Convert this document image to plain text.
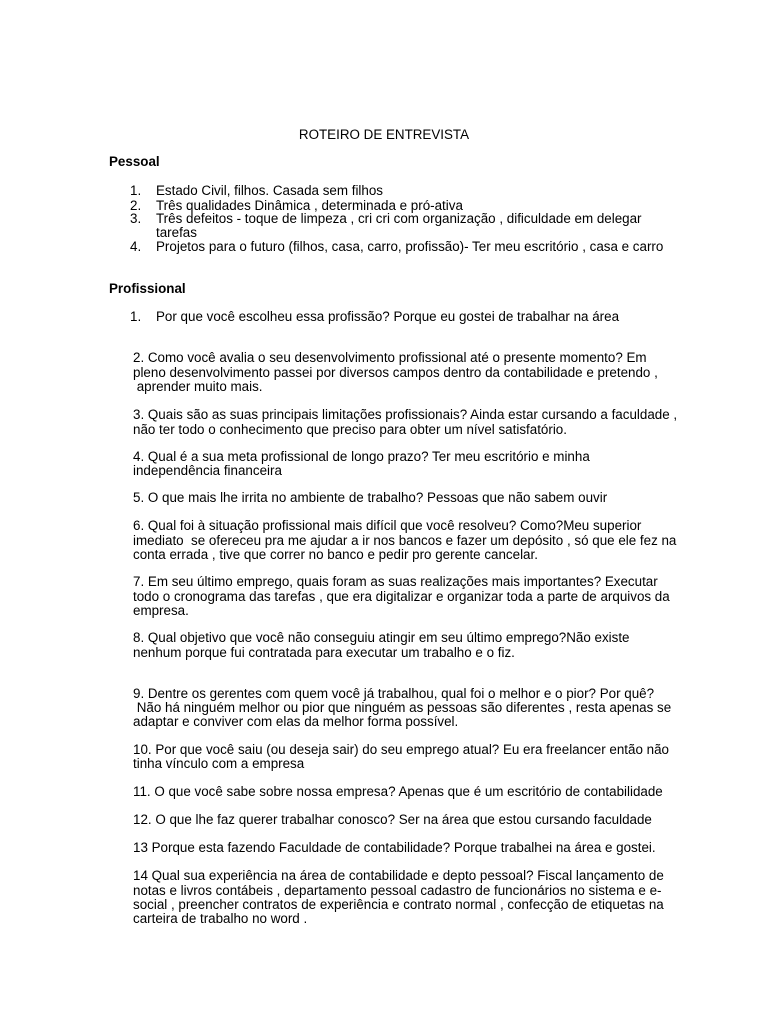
ROTEIRO DE ENTREVISTA
Pessoal
1. Estado Civil, filhos. Casada sem filhos
2. Três qualidades Dinâmica , determinada e pró-ativa
3. Três defeitos - toque de limpeza , cri cri com organização , dificuldade em delegar
tarefas
4. Projetos para o futuro (filhos, casa, carro, profissão)- Ter meu escritório , casa e carro
Profissional
1. Por que você escolheu essa profissão? Porque eu gostei de trabalhar na área
2. Como você avalia o seu desenvolvimento profissional até o presente momento? Em
pleno desenvolvimento passei por diversos campos dentro da contabilidade e pretendo ,
aprender muito mais.
3. Quais são as suas principais limitações profissionais? Ainda estar cursando a faculdade ,
não ter todo o conhecimento que preciso para obter um nível satisfatório.
4. Qual é a sua meta profissional de longo prazo? Ter meu escritório e minha
independência financeira
5. O que mais lhe irrita no ambiente de trabalho? Pessoas que não sabem ouvir
6. Qual foi à situação profissional mais difícil que você resolveu? Como?Meu superior
imediato  se ofereceu pra me ajudar a ir nos bancos e fazer um depósito , só que ele fez na
conta errada , tive que correr no banco e pedir pro gerente cancelar.
7. Em seu último emprego, quais foram as suas realizações mais importantes? Executar
todo o cronograma das tarefas , que era digitalizar e organizar toda a parte de arquivos da
empresa.
8. Qual objetivo que você não conseguiu atingir em seu último emprego?Não existe
nenhum porque fui contratada para executar um trabalho e o fiz.
9. Dentre os gerentes com quem você já trabalhou, qual foi o melhor e o pior? Por quê?
Não há ninguém melhor ou pior que ninguém as pessoas são diferentes , resta apenas se
adaptar e conviver com elas da melhor forma possível.
10. Por que você saiu (ou deseja sair) do seu emprego atual? Eu era freelancer então não
tinha vínculo com a empresa
11. O que você sabe sobre nossa empresa? Apenas que é um escritório de contabilidade
12. O que lhe faz querer trabalhar conosco? Ser na área que estou cursando faculdade
13 Porque esta fazendo Faculdade de contabilidade? Porque trabalhei na área e gostei.
14 Qual sua experiência na área de contabilidade e depto pessoal? Fiscal lançamento de
notas e livros contábeis , departamento pessoal cadastro de funcionários no sistema e e-
social , preencher contratos de experiência e contrato normal , confecção de etiquetas na
carteira de trabalho no word .
